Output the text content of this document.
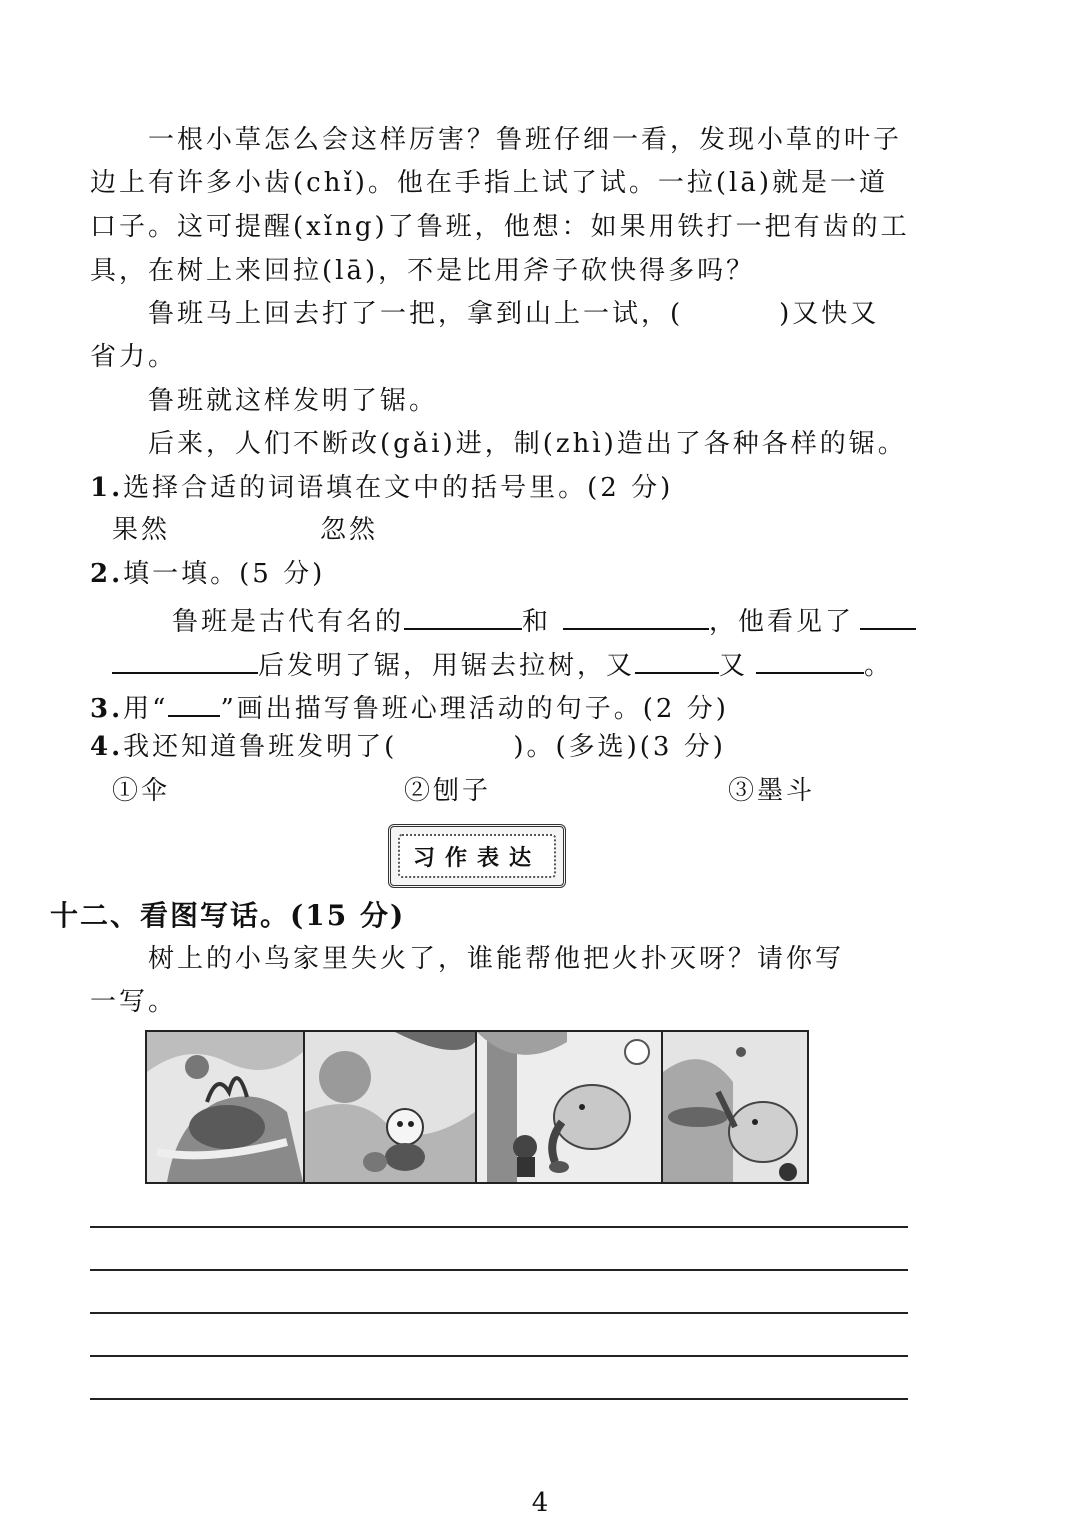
一根小草怎么会这样厉害？鲁班仔细一看，发现小草的叶子
边上有许多小齿(chǐ)。他在手指上试了试。一拉(lā)就是一道
口子。这可提醒(xǐng)了鲁班，他想：如果用铁打一把有齿的工
具，在树上来回拉(lā)，不是比用斧子砍快得多吗？
鲁班马上回去打了一把，拿到山上一试，(	)又快又
省力。
鲁班就这样发明了锯。
后来，人们不断改(gǎi)进，制(zhì)造出了各种各样的锯。
1.选择合适的词语填在文中的括号里。(2 分)
果然	忽然
2.填一填。(5 分)
鲁班是古代有名的	和	，他看见了
后发明了锯，用锯去拉树，又	又	。
3.用“ ”画出描写鲁班心理活动的句子。(2 分)
4.我还知道鲁班发明了(	)。(多选)(3 分)
①伞	②刨子	③墨斗
习作表达
十二、看图写话。(15 分)
树上的小鸟家里失火了，谁能帮他把火扑灭呀？请你写
一写。
4
